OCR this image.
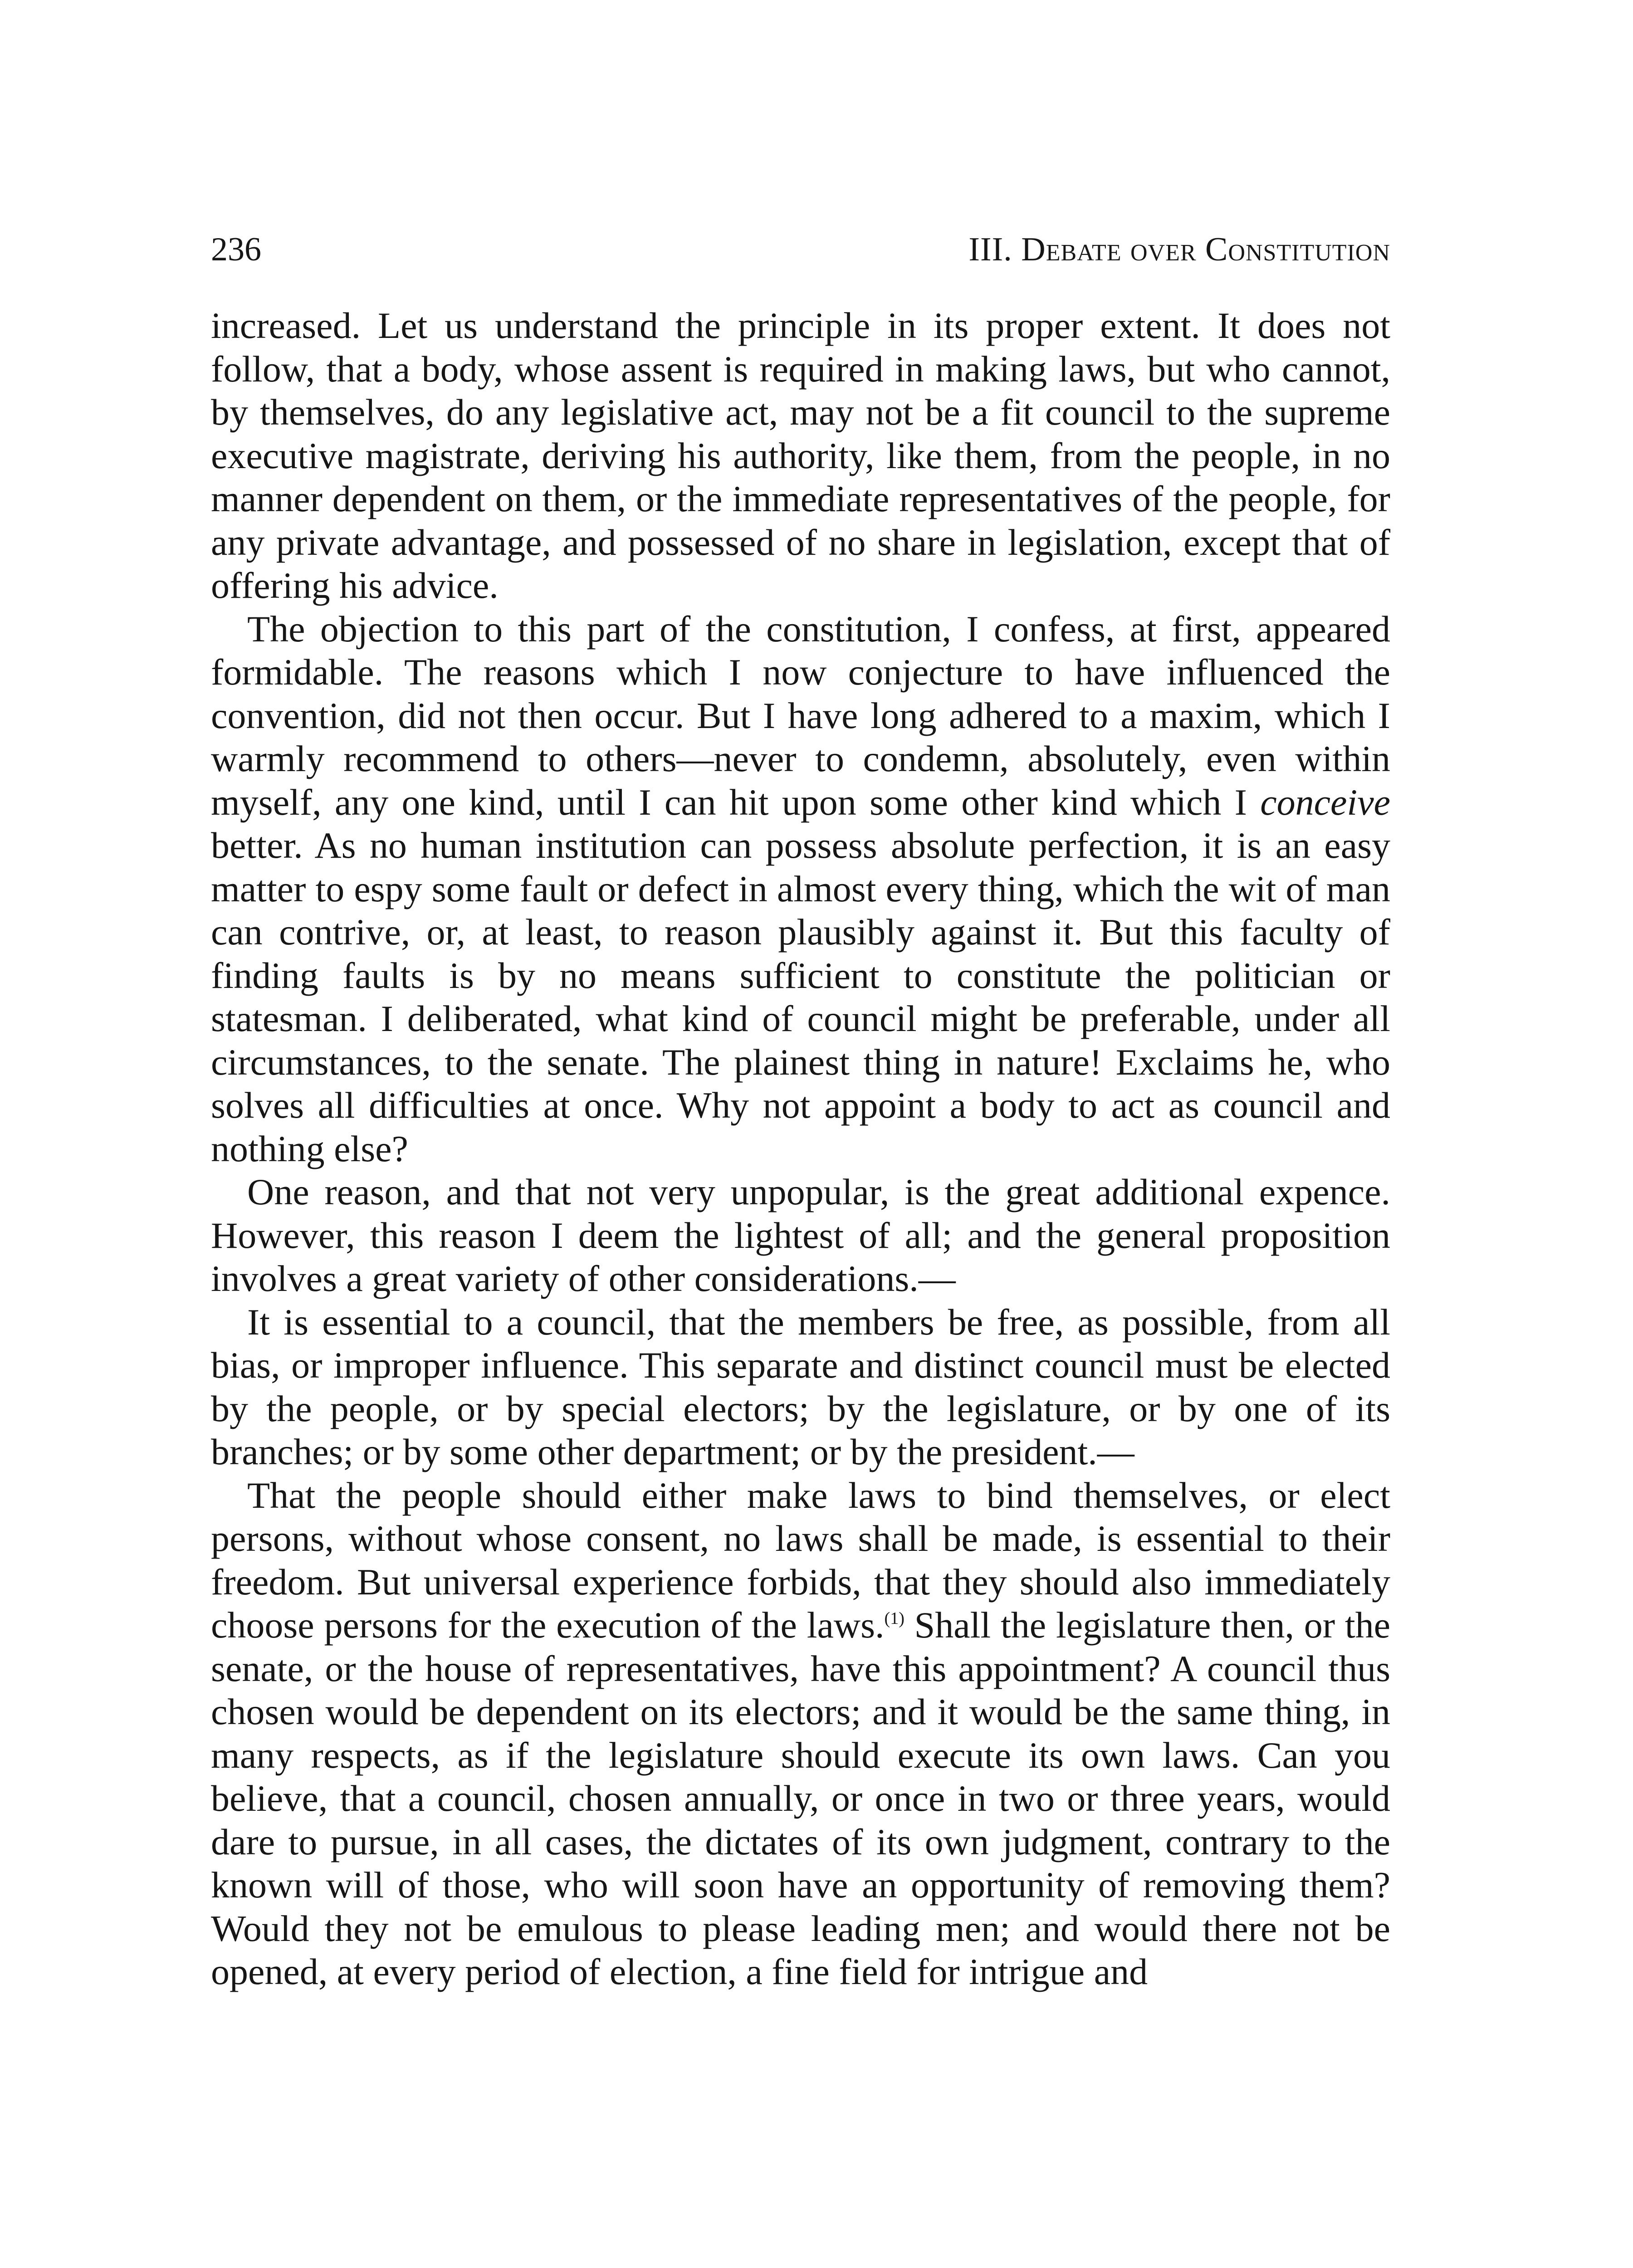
236	III. Debate over Constitution

increased. Let us understand the principle in its proper extent. It does not follow, that a body, whose assent is required in making laws, but who cannot, by themselves, do any legislative act, may not be a fit council to the supreme executive magistrate, deriving his authority, like them, from the people, in no manner dependent on them, or the immediate representatives of the people, for any private advantage, and possessed of no share in legislation, except that of offering his advice.

The objection to this part of the constitution, I confess, at first, appeared formidable. The reasons which I now conjecture to have influenced the convention, did not then occur. But I have long adhered to a maxim, which I warmly recommend to others—never to condemn, absolutely, even within myself, any one kind, until I can hit upon some other kind which I conceive better. As no human institution can possess absolute perfection, it is an easy matter to espy some fault or defect in almost every thing, which the wit of man can contrive, or, at least, to reason plausibly against it. But this faculty of finding faults is by no means sufficient to constitute the politician or statesman. I deliberated, what kind of council might be preferable, under all circumstances, to the senate. The plainest thing in nature! Exclaims he, who solves all difficulties at once. Why not appoint a body to act as council and nothing else?

One reason, and that not very unpopular, is the great additional expence. However, this reason I deem the lightest of all; and the general proposition involves a great variety of other considerations.—

It is essential to a council, that the members be free, as possible, from all bias, or improper influence. This separate and distinct council must be elected by the people, or by special electors; by the legislature, or by one of its branches; or by some other department; or by the president.—

That the people should either make laws to bind themselves, or elect persons, without whose consent, no laws shall be made, is essential to their freedom. But universal experience forbids, that they should also immediately choose persons for the execution of the laws.$^{(1)}$ Shall the legislature then, or the senate, or the house of representatives, have this appointment? A council thus chosen would be dependent on its electors; and it would be the same thing, in many respects, as if the legislature should execute its own laws. Can you believe, that a council, chosen annually, or once in two or three years, would dare to pursue, in all cases, the dictates of its own judgment, contrary to the known will of those, who will soon have an opportunity of removing them? Would they not be emulous to please leading men; and would there not be opened, at every period of election, a fine field for intrigue and
